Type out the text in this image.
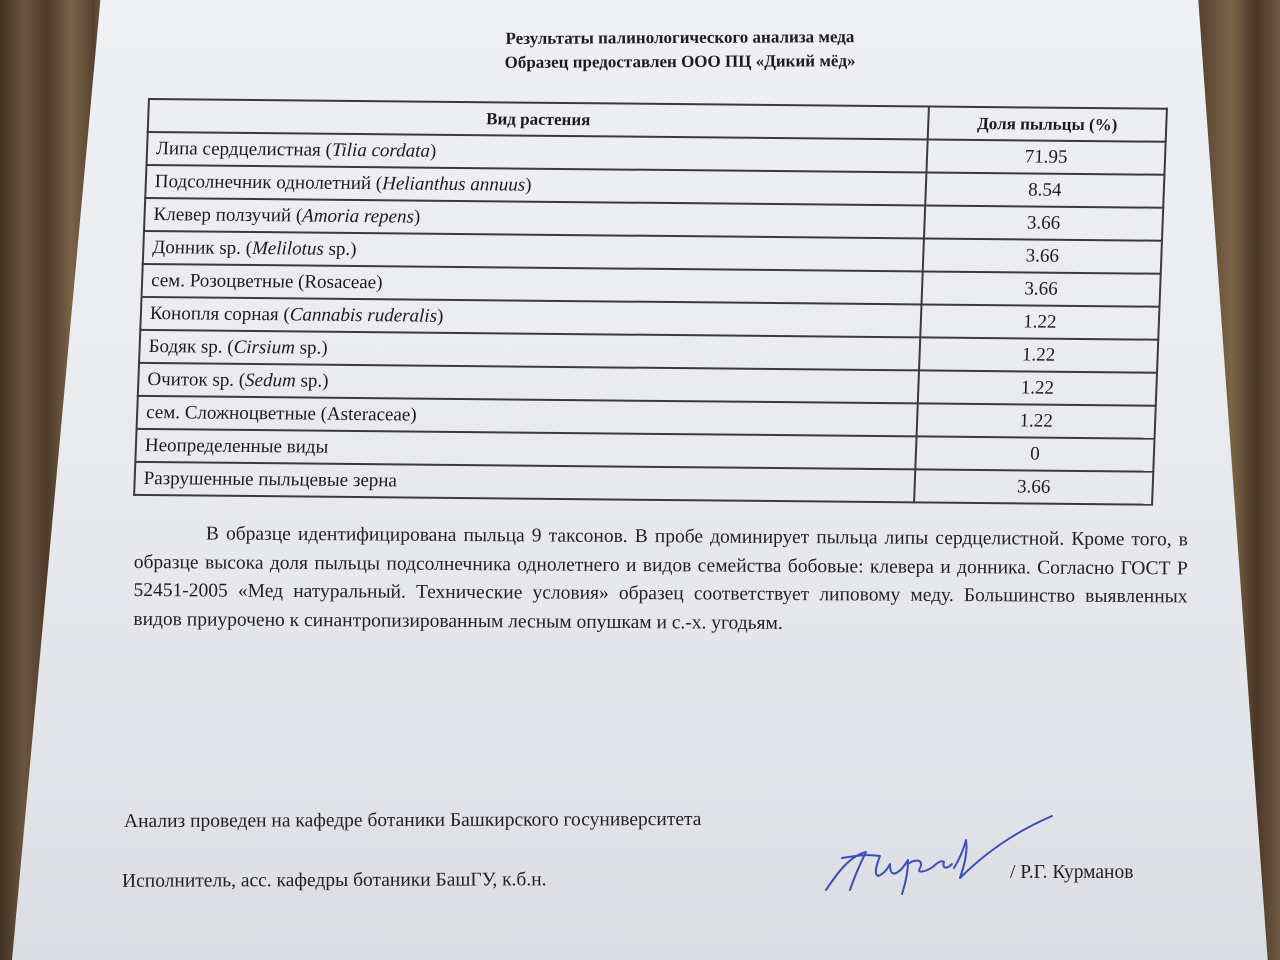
Результаты палинологического анализа меда
Образец предоставлен ООО ПЦ «Дикий мёд»
Вид растения	Доля пыльцы (%)
Липа сердцелистная (Tilia cordata)	71.95
Подсолнечник однолетний (Helianthus annuus)	8.54
Клевер ползучий (Amoria repens)	3.66
Донник sp. (Melilotus sp.)	3.66
сем. Розоцветные (Rosaceae)	3.66
Конопля сорная (Cannabis ruderalis)	1.22
Бодяк sp. (Cirsium sp.)	1.22
Очиток sp. (Sedum sp.)	1.22
сем. Сложноцветные (Asteraceae)	1.22
Неопределенные виды	0
Разрушенные пыльцевые зерна	3.66

В образце идентифицирована пыльца 9 таксонов. В пробе доминирует пыльца липы сердцелистной. Кроме того, в образце высока доля пыльцы подсолнечника однолетнего и видов семейства бобовые: клевера и донника. Согласно ГОСТ Р 52451-2005 «Мед натуральный. Технические условия» образец соответствует липовому меду. Большинство выявленных видов приурочено к синантропизированным лесным опушкам и с.-х. угодьям.

Анализ проведен на кафедре ботаники Башкирского госуниверситета
Исполнитель, асс. кафедры ботаники БашГУ, к.б.н.	/ Р.Г. Курманов
